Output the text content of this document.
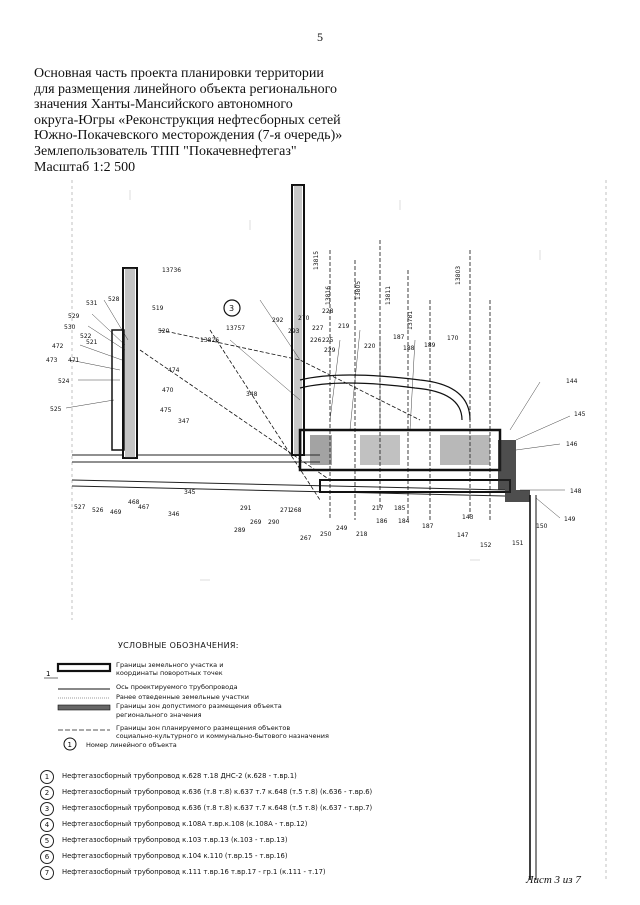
5
Основная часть проекта планировки территории
для размещения линейного объекта регионального
значения Ханты-Мансийского автономного
округа-Югры «Реконструкция нефтесборных сетей
Южно-Покачевского месторождения (7-я очередь)»
Землепользователь ТПП "Покачевнефтегаз"
Масштаб 1:2 500
13736
13757
13826
13815
13816	13805	13811
13803
13781
531
528
529
530
522
521
472
473 471
524
525
474
470
475
347
348
519
520
292
293
270
228
227
226 225
229
219
220
187
188 189
170
144
145
146
148
149
150
151
152
147
143
527 526 469
468
467
346
345
291
289
269 290
271
268
267
250
249
218
217
186
185
184
187
3
УСЛОВНЫЕ ОБОЗНАЧЕНИЯ:
1
1
Границы земельного участка и
координаты поворотных точек
Ось проектируемого трубопровода
Ранее отведенные земельные участки
Границы зон допустимого размещения объекта
регионального значения
Границы зон планируемого размещения объектов
социально-культурного и коммунально-бытового назначения
Номер линейного объекта
1	Нефтегазосборный трубопровод к.628 т.18 ДНС-2 (к.628 - т.вр.1)
2	Нефтегазосборный трубопровод к.636 (т.8 т.8) к.637 т.7 к.648 (т.5 т.8) (к.636 - т.вр.6)
3	Нефтегазосборный трубопровод к.636 (т.8 т.8) к.637 т.7 к.648 (т.5 т.8) (к.637 - т.вр.7)
4	Нефтегазосборный трубопровод к.108А т.вр.к.108 (к.108А - т.вр.12)
5	Нефтегазосборный трубопровод к.103 т.вр.13 (к.103 - т.вр.13)
6	Нефтегазосборный трубопровод к.104 к.110 (т.вр.15 - т.вр.16)
7	Нефтегазосборный трубопровод к.111 т.вр.16 т.вр.17 - гр.1 (к.111 - т.17)
Лист 3 из 7
